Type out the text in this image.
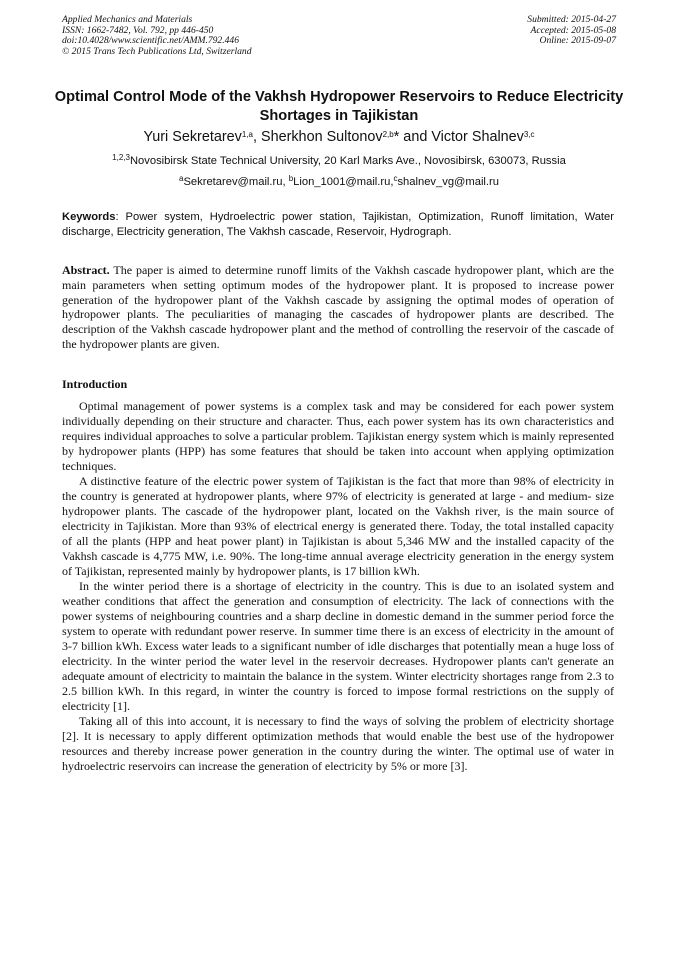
Applied Mechanics and Materials
ISSN: 1662-7482, Vol. 792, pp 446-450
doi:10.4028/www.scientific.net/AMM.792.446
© 2015 Trans Tech Publications Ltd, Switzerland
Submitted: 2015-04-27
Accepted: 2015-05-08
Online: 2015-09-07
Optimal Control Mode of the Vakhsh Hydropower Reservoirs to Reduce Electricity Shortages in Tajikistan
Yuri Sekretarev$^{1,a}$, Sherkhon Sultonov$^{2,b}$* and Victor Shalnev$^{3,c}$
$^{1,2,3}$Novosibirsk State Technical University, 20 Karl Marks Ave., Novosibirsk, 630073, Russia
$^a$Sekretarev@mail.ru, $^b$Lion_1001@mail.ru,$^c$shalnev_vg@mail.ru
Keywords: Power system, Hydroelectric power station, Tajikistan, Optimization, Runoff limitation, Water discharge, Electricity generation, The Vakhsh cascade, Reservoir, Hydrograph.
Abstract. The paper is aimed to determine runoff limits of the Vakhsh cascade hydropower plant, which are the main parameters when setting optimum modes of the hydropower plant. It is proposed to increase power generation of the hydropower plant of the Vakhsh cascade by assigning the optimal modes of operation of hydropower plants. The peculiarities of managing the cascades of hydropower plants are described. The description of the Vakhsh cascade hydropower plant and the method of controlling the reservoir of the cascade of the hydropower plants are given.
Introduction

Optimal management of power systems is a complex task and may be considered for each power system individually depending on their structure and character. Thus, each power system has its own characteristics and requires individual approaches to solve a particular problem. Tajikistan energy system which is mainly represented by hydropower plants (HPP) has some features that should be taken into account when applying optimization techniques.

A distinctive feature of the electric power system of Tajikistan is the fact that more than 98% of electricity in the country is generated at hydropower plants, where 97% of electricity is generated at large - and medium- size hydropower plants. The cascade of the hydropower plant, located on the Vakhsh river, is the main source of electricity in Tajikistan. More than 93% of electrical energy is generated there. Today, the total installed capacity of all the plants (HPP and heat power plant) in Tajikistan is about 5,346 MW and the installed capacity of the Vakhsh cascade is 4,775 MW, i.e. 90%. The long-time annual average electricity generation in the energy system of Tajikistan, represented mainly by hydropower plants, is 17 billion kWh.

In the winter period there is a shortage of electricity in the country. This is due to an isolated system and weather conditions that affect the generation and consumption of electricity. The lack of connections with the power systems of neighbouring countries and a sharp decline in domestic demand in the summer period force the system to operate with redundant power reserve. In summer time there is an excess of electricity in the amount of 3-7 billion kWh. Excess water leads to a significant number of idle discharges that potentially mean a huge loss of electricity. In the winter period the water level in the reservoir decreases. Hydropower plants can't generate an adequate amount of electricity to maintain the balance in the system. Winter electricity shortages range from 2.3 to 2.5 billion kWh. In this regard, in winter the country is forced to impose formal restrictions on the supply of electricity [1].

Taking all of this into account, it is necessary to find the ways of solving the problem of electricity shortage [2]. It is necessary to apply different optimization methods that would enable the best use of the hydropower resources and thereby increase power generation in the country during the winter. The optimal use of water in hydroelectric reservoirs can increase the generation of electricity by 5% or more [3].
